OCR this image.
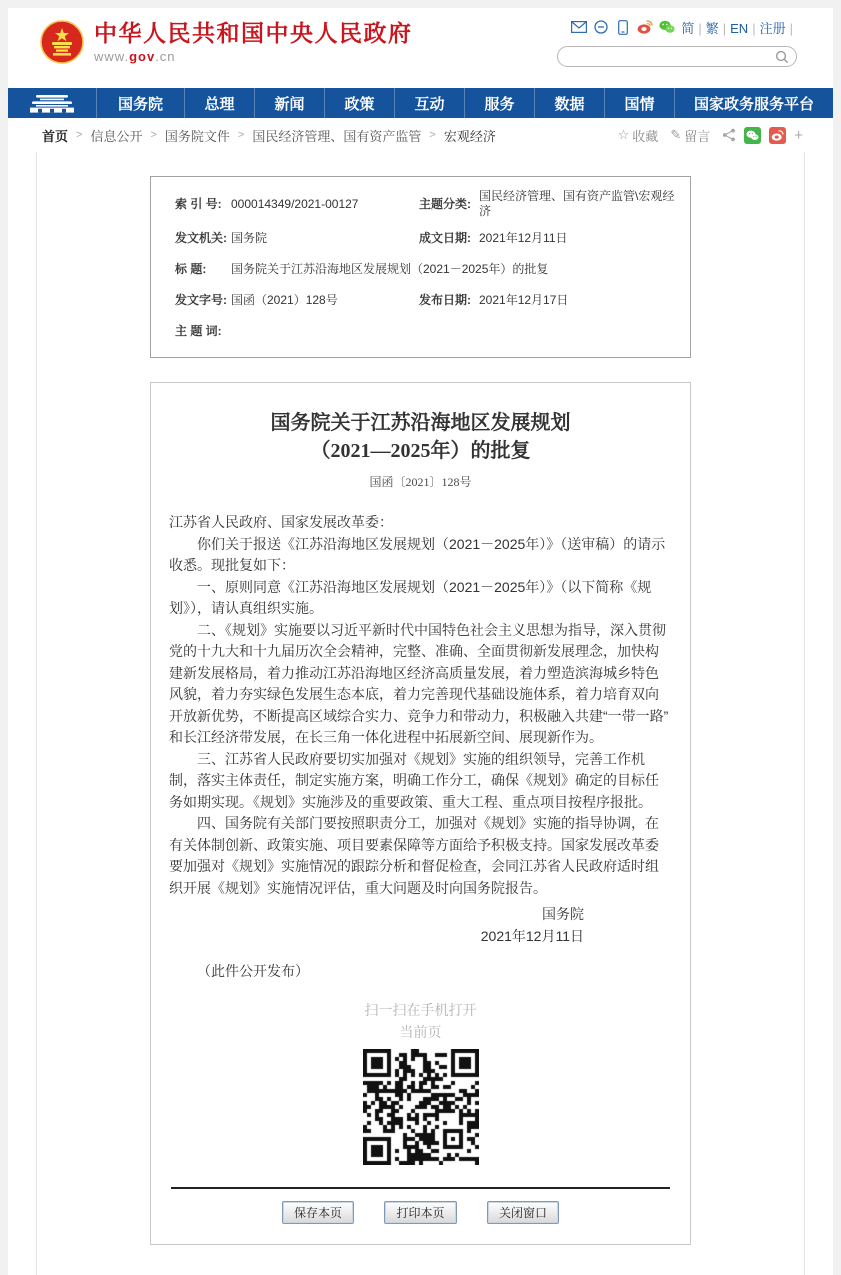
中华人民共和国中央人民政府
www.gov.cn
简 | 繁 | EN | 注册 |
国务院	总理	新闻	政策	互动	服务	数据	国情	国家政务服务平台
首页 > 信息公开 > 国务院文件 > 国民经济管理、国有资产监管 > 宏观经济	☆ 收藏 ✎ 留言	+
索 引 号: 000014349/2021-00127	主题分类:
国民经济管理、国有资产监管\宏观经济
发文机关: 国务院	成文日期: 2021年12月11日
标 题:	国务院关于江苏沿海地区发展规划（2021－2025年）的批复
发文字号: 国函（2021）128号	发布日期: 2021年12月17日
主 题 词:
国务院关于江苏沿海地区发展规划
（2021—2025年）的批复
国函〔2021〕128号

江苏省人民政府、国家发展改革委：

你们关于报送《江苏沿海地区发展规划（2021－2025年）》（送审稿）的请示收悉。现批复如下：

一、原则同意《江苏沿海地区发展规划（2021－2025年）》（以下简称《规划》），请认真组织实施。

二、《规划》实施要以习近平新时代中国特色社会主义思想为指导，深入贯彻党的十九大和十九届历次全会精神，完整、准确、全面贯彻新发展理念，加快构建新发展格局，着力推动江苏沿海地区经济高质量发展，着力塑造滨海城乡特色风貌，着力夯实绿色发展生态本底，着力完善现代基础设施体系，着力培育双向开放新优势，不断提高区域综合实力、竞争力和带动力，积极融入共建“一带一路”和长江经济带发展，在长三角一体化进程中拓展新空间、展现新作为。

三、江苏省人民政府要切实加强对《规划》实施的组织领导，完善工作机制，落实主体责任，制定实施方案，明确工作分工，确保《规划》确定的目标任务如期实现。《规划》实施涉及的重要政策、重大工程、重点项目按程序报批。

四、国务院有关部门要按照职责分工，加强对《规划》实施的指导协调，在有关体制创新、政策实施、项目要素保障等方面给予积极支持。国家发展改革委要加强对《规划》实施情况的跟踪分析和督促检查，会同江苏省人民政府适时组织开展《规划》实施情况评估，重大问题及时向国务院报告。

国务院
2021年12月11日
（此件公开发布）
扫一扫在手机打开
当前页
保存本页	打印本页	关闭窗口
